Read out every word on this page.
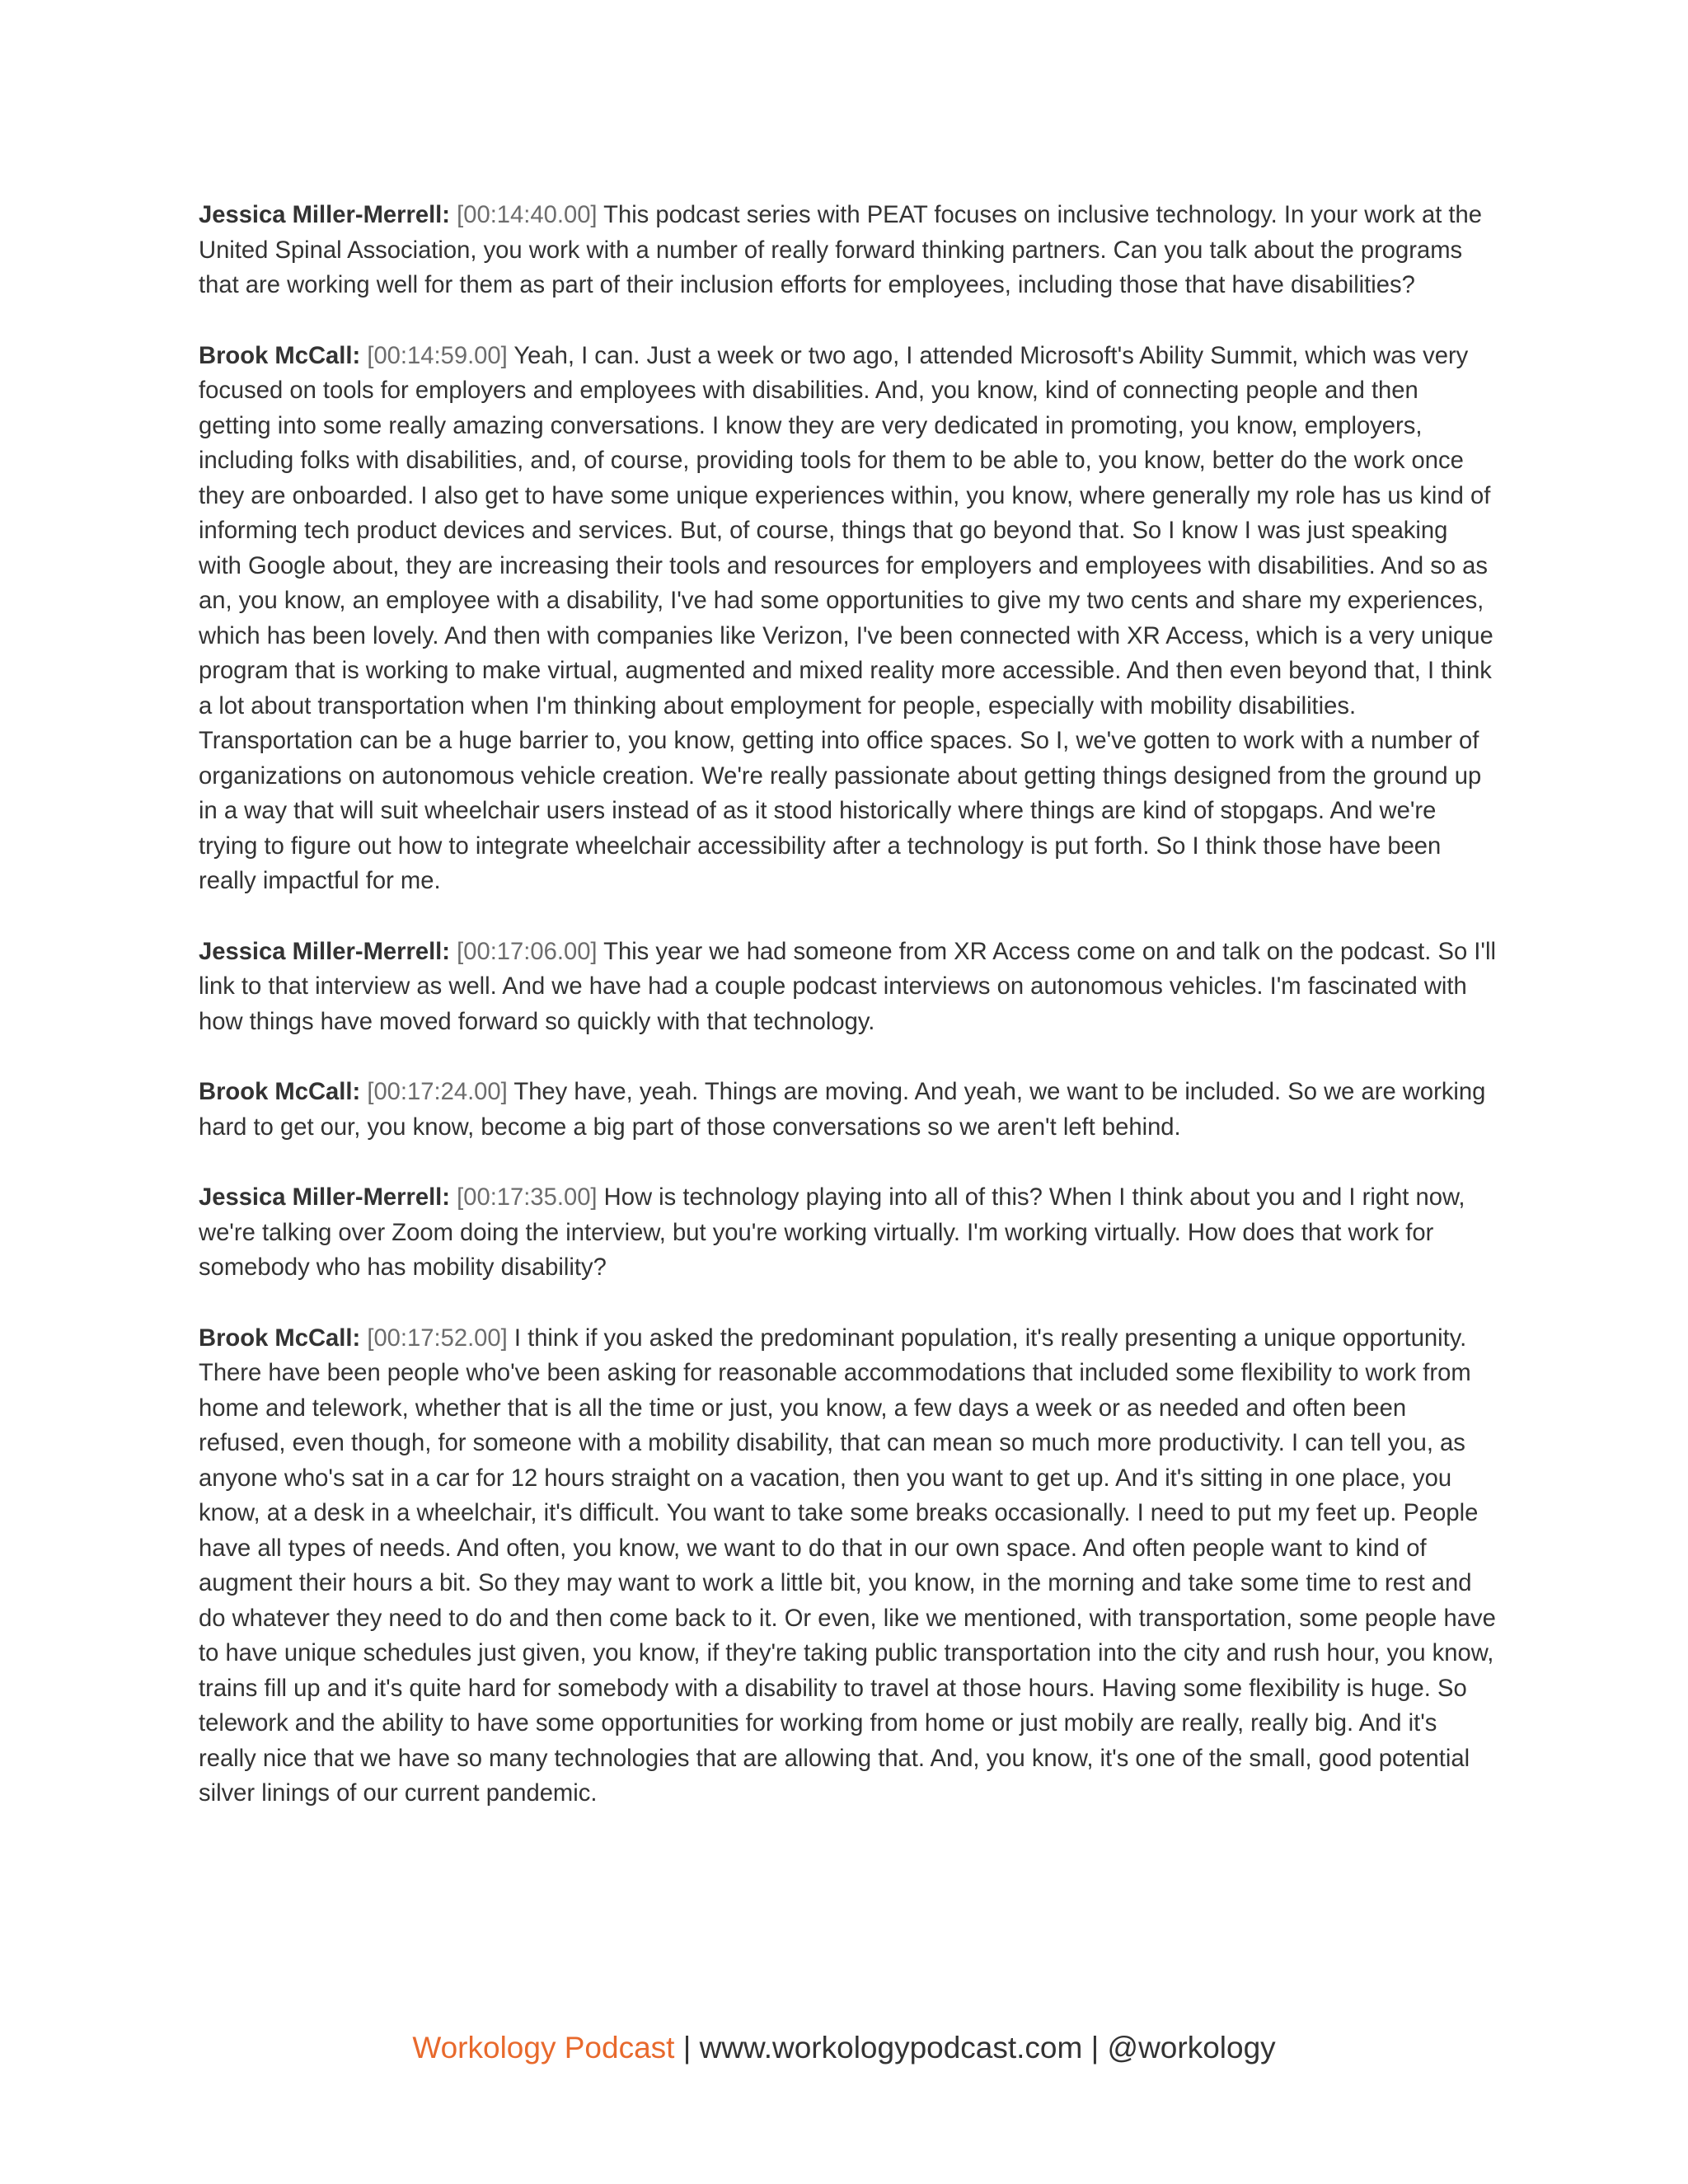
Jessica Miller-Merrell: [00:14:40.00] This podcast series with PEAT focuses on inclusive technology. In your work at the United Spinal Association, you work with a number of really forward thinking partners. Can you talk about the programs that are working well for them as part of their inclusion efforts for employees, including those that have disabilities?

Brook McCall: [00:14:59.00] Yeah, I can. Just a week or two ago, I attended Microsoft's Ability Summit, which was very focused on tools for employers and employees with disabilities. And, you know, kind of connecting people and then getting into some really amazing conversations. I know they are very dedicated in promoting, you know, employers, including folks with disabilities, and, of course, providing tools for them to be able to, you know, better do the work once they are onboarded. I also get to have some unique experiences within, you know, where generally my role has us kind of informing tech product devices and services. But, of course, things that go beyond that. So I know I was just speaking with Google about, they are increasing their tools and resources for employers and employees with disabilities. And so as an, you know, an employee with a disability, I've had some opportunities to give my two cents and share my experiences, which has been lovely. And then with companies like Verizon, I've been connected with XR Access, which is a very unique program that is working to make virtual, augmented and mixed reality more accessible. And then even beyond that, I think a lot about transportation when I'm thinking about employment for people, especially with mobility disabilities. Transportation can be a huge barrier to, you know, getting into office spaces. So I, we've gotten to work with a number of organizations on autonomous vehicle creation. We're really passionate about getting things designed from the ground up in a way that will suit wheelchair users instead of as it stood historically where things are kind of stopgaps. And we're trying to figure out how to integrate wheelchair accessibility after a technology is put forth. So I think those have been really impactful for me.

Jessica Miller-Merrell: [00:17:06.00] This year we had someone from XR Access come on and talk on the podcast. So I'll link to that interview as well. And we have had a couple podcast interviews on autonomous vehicles. I'm fascinated with how things have moved forward so quickly with that technology.

Brook McCall: [00:17:24.00] They have, yeah. Things are moving. And yeah, we want to be included. So we are working hard to get our, you know, become a big part of those conversations so we aren't left behind.

Jessica Miller-Merrell: [00:17:35.00] How is technology playing into all of this? When I think about you and I right now, we're talking over Zoom doing the interview, but you're working virtually. I'm working virtually. How does that work for somebody who has mobility disability?

Brook McCall: [00:17:52.00] I think if you asked the predominant population, it's really presenting a unique opportunity. There have been people who've been asking for reasonable accommodations that included some flexibility to work from home and telework, whether that is all the time or just, you know, a few days a week or as needed and often been refused, even though, for someone with a mobility disability, that can mean so much more productivity. I can tell you, as anyone who's sat in a car for 12 hours straight on a vacation, then you want to get up. And it's sitting in one place, you know, at a desk in a wheelchair, it's difficult. You want to take some breaks occasionally. I need to put my feet up. People have all types of needs. And often, you know, we want to do that in our own space. And often people want to kind of augment their hours a bit. So they may want to work a little bit, you know, in the morning and take some time to rest and do whatever they need to do and then come back to it. Or even, like we mentioned, with transportation, some people have to have unique schedules just given, you know, if they're taking public transportation into the city and rush hour, you know, trains fill up and it's quite hard for somebody with a disability to travel at those hours. Having some flexibility is huge. So telework and the ability to have some opportunities for working from home or just mobily are really, really big. And it's really nice that we have so many technologies that are allowing that. And, you know, it's one of the small, good potential silver linings of our current pandemic.

Workology Podcast | www.workologypodcast.com | @workology
